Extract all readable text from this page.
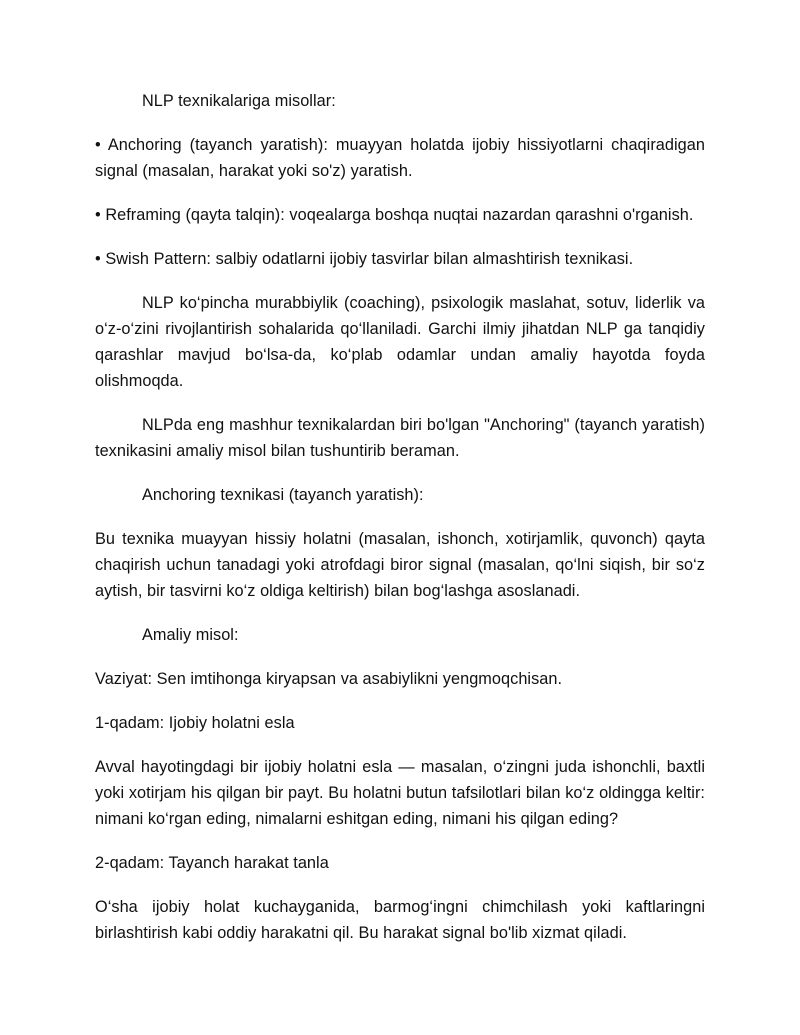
NLP texnikalariga misollar:

• Anchoring (tayanch yaratish): muayyan holatda ijobiy hissiyotlarni chaqiradigan signal (masalan, harakat yoki so'z) yaratish.

• Reframing (qayta talqin): voqealarga boshqa nuqtai nazardan qarashni o'rganish.

• Swish Pattern: salbiy odatlarni ijobiy tasvirlar bilan almashtirish texnikasi.

NLP ko‘pincha murabbiylik (coaching), psixologik maslahat, sotuv, liderlik va o‘z-o‘zini rivojlantirish sohalarida qo‘llaniladi. Garchi ilmiy jihatdan NLP ga tanqidiy qarashlar mavjud bo‘lsa-da, ko‘plab odamlar undan amaliy hayotda foyda olishmoqda.

NLPda eng mashhur texnikalardan biri bo'lgan "Anchoring" (tayanch yaratish) texnikasini amaliy misol bilan tushuntirib beraman.

Anchoring texnikasi (tayanch yaratish):

Bu texnika muayyan hissiy holatni (masalan, ishonch, xotirjamlik, quvonch) qayta chaqirish uchun tanadagi yoki atrofdagi biror signal (masalan, qo‘lni siqish, bir so‘z aytish, bir tasvirni ko‘z oldiga keltirish) bilan bog‘lashga asoslanadi.

Amaliy misol:

Vaziyat: Sen imtihonga kiryapsan va asabiylikni yengmoqchisan.

1-qadam: Ijobiy holatni esla

Avval hayotingdagi bir ijobiy holatni esla — masalan, o‘zingni juda ishonchli, baxtli yoki xotirjam his qilgan bir payt. Bu holatni butun tafsilotlari bilan ko‘z oldingga keltir: nimani ko‘rgan eding, nimalarni eshitgan eding, nimani his qilgan eding?

2-qadam: Tayanch harakat tanla

O‘sha ijobiy holat kuchayganida, barmog‘ingni chimchilash yoki kaftlaringni birlashtirish kabi oddiy harakatni qil. Bu harakat signal bo'lib xizmat qiladi.
